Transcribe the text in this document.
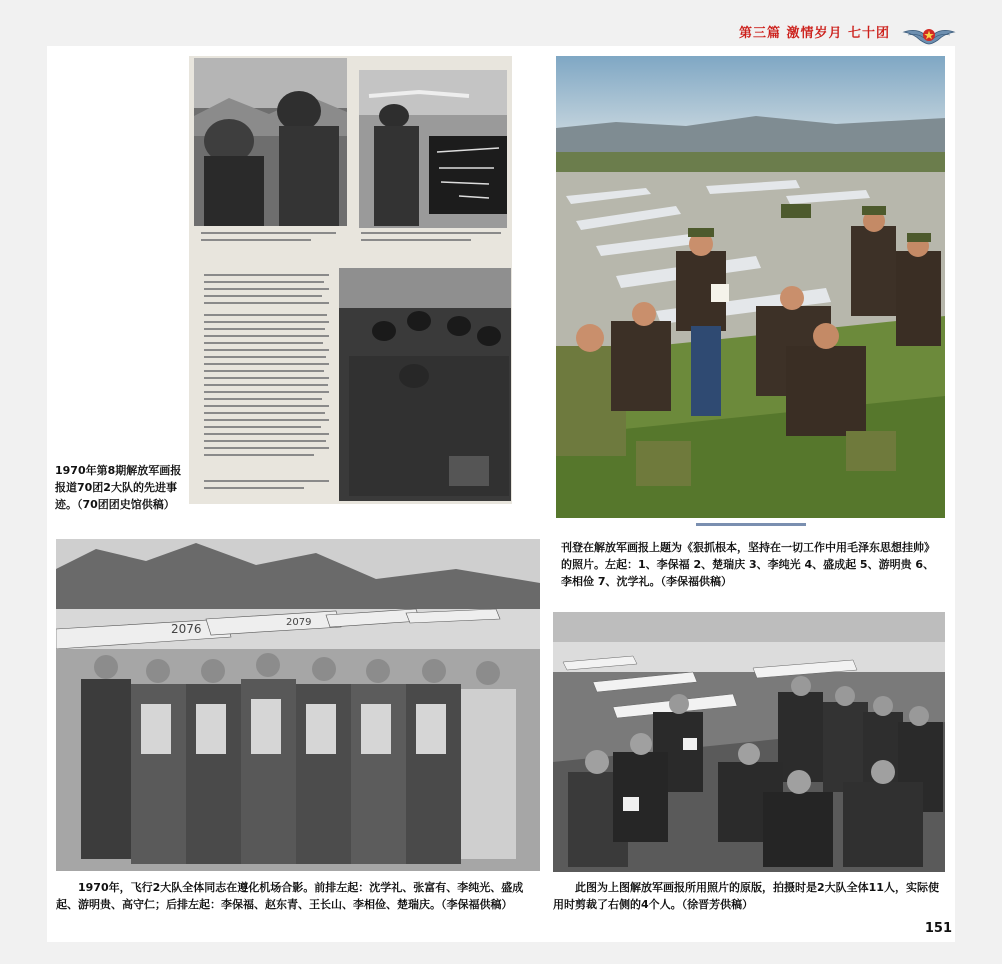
第三篇 激情岁月 七十团
1970年第8期解放军画报报道70团2大队的先进事迹。（70团团史馆供稿）
刊登在解放军画报上题为《狠抓根本，坚持在一切工作中用毛泽东思想挂帅》的照片。左起：1、李保福 2、楚瑞庆 3、李纯光 4、盛成起 5、游明贵 6、李相俭 7、沈学礼。（李保福供稿）
2076	2079
1970年，飞行2大队全体同志在遵化机场合影。前排左起：沈学礼、张富有、李纯光、盛成起、游明贵、高守仁；后排左起：李保福、赵东青、王长山、李相俭、楚瑞庆。（李保福供稿）
此图为上图解放军画报所用照片的原版，拍摄时是2大队全体11人，实际使用时剪裁了右侧的4个人。（徐晋芳供稿）
151
